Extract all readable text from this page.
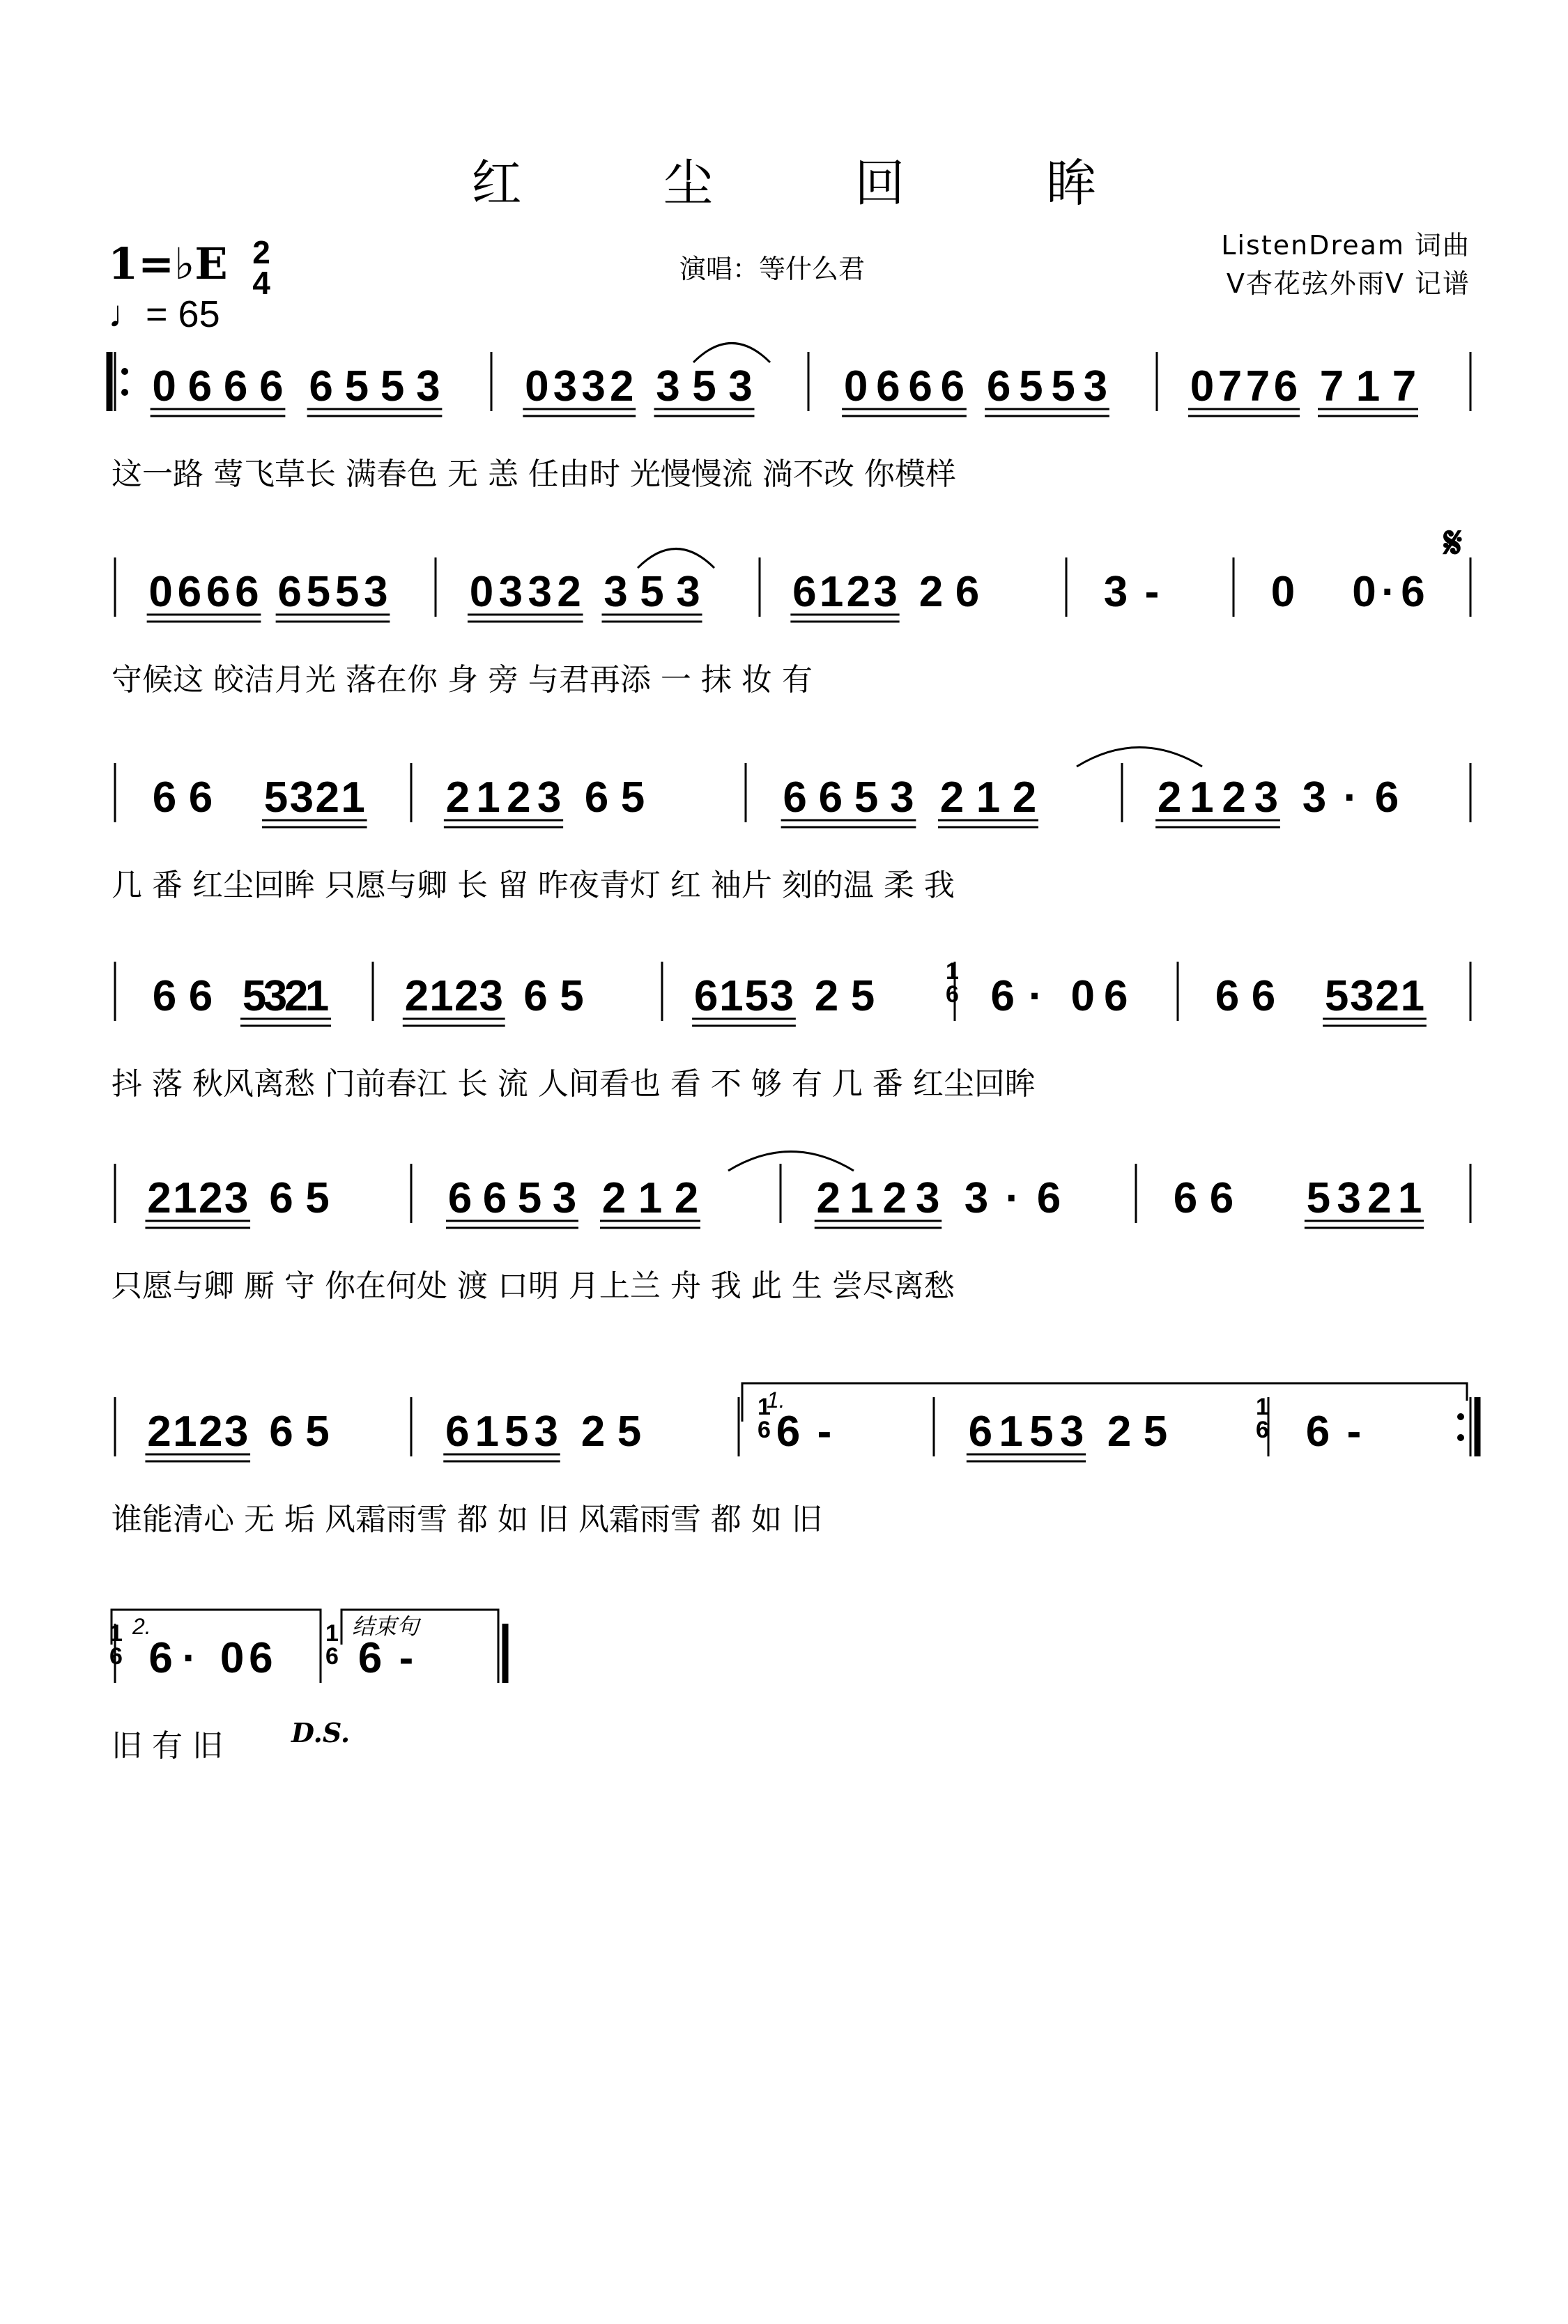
红 尘 回 眸
1=♭E 2
4
♩= 65
演唱：等什么君
ListenDream 词曲
V杏花弦外雨V 记谱
0 6 6 6 6 5 5 3 0 3 3 2 3 5 3 0 6 6 6 6 5 5 3 0 7 7 6 7 1 7
0 6 6 6 6 5 5 3 0 3 3 2 3 5 3 6 1 2 3 2 6	3 -	0 0 · 6
6 6 5 3 2 1 2 1 2 3 6 5	6 6 5 3 2 1 2	2 1 2 3 3 · 6
6 6 5
3
2
1 2 1 2 3 6 5	6 1 5 3 2 5	6 · 0 6 6 6 5 3 2 1
2 1 2 3 6 5	6 6 5 3 2 1 2	2 1 2 3 3 · 6	6 6 5 3 2 1
2 1 2 3 6 5	6 1 5 3 2 5	6 -	6 1 5 3 2 5	6 -
6 · 0 6 6 -
这一路 莺飞草长 满春色 无 恙 任由时 光慢慢流 淌不改 你模样
守候这 皎洁月光 落在你 身 旁 与君再添 一 抹 妆 有
几 番 红尘回眸 只愿与卿 长 留 昨夜青灯 红 袖片 刻的温 柔 我
抖 落 秋风离愁 门前春江 长 流 人间看也 看 不 够 有 几 番 红尘回眸
只愿与卿 厮 守 你在何处 渡 口明 月上兰 舟 我 此 生 尝尽离愁
谁能清心 无 垢 风霜雨雪 都 如 旧 风霜雨雪 都 如 旧
旧 有 旧
𝄋
1.
2.	结束句
D.S.
1
6
1
6
1
6
1
6
1
6
